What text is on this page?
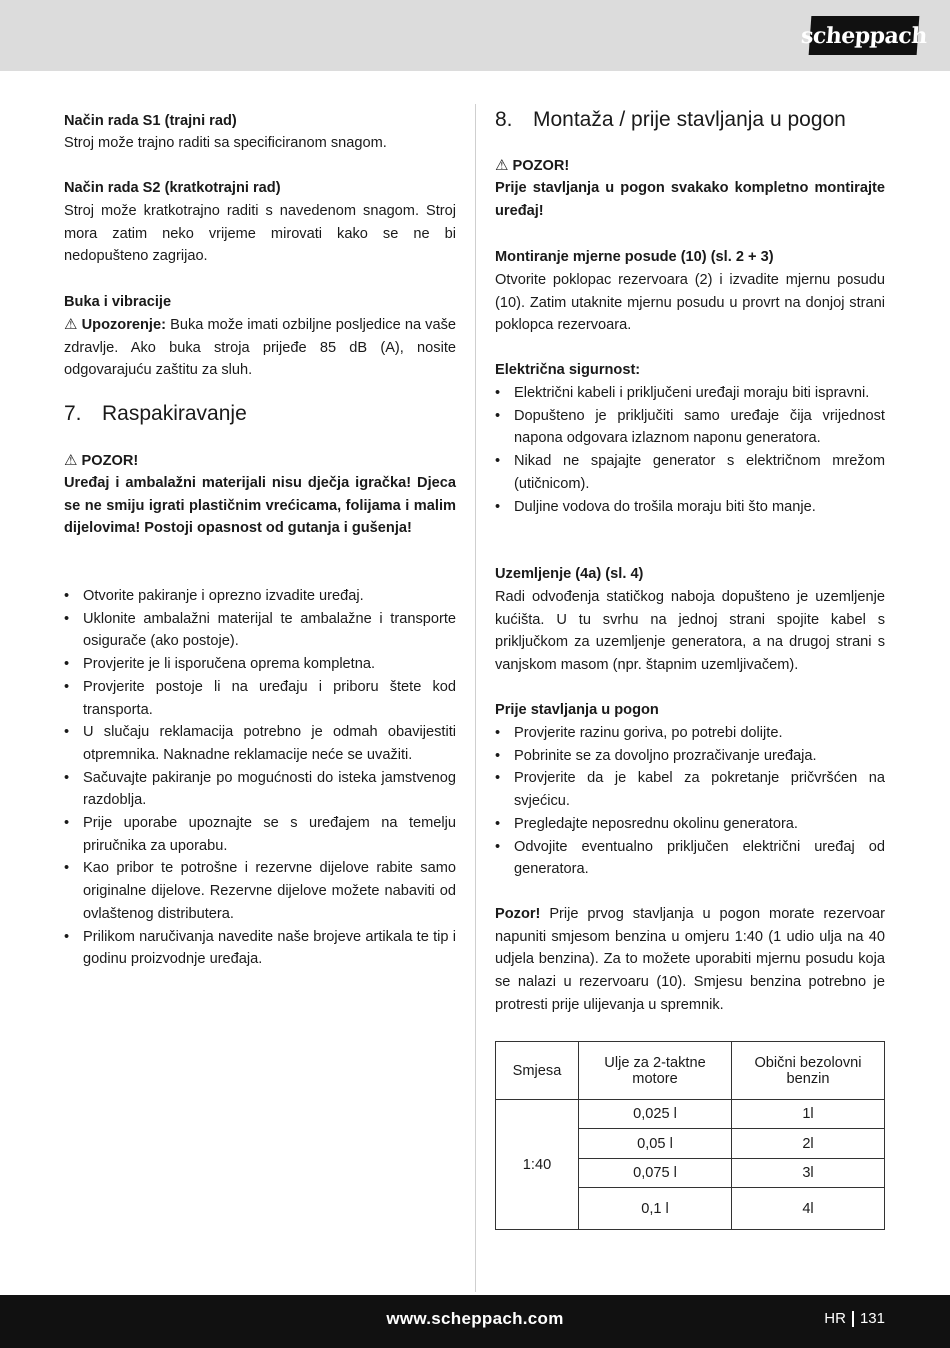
scheppach
Način rada S1 (trajni rad)
Stroj može trajno raditi sa specificiranom snagom.
Način rada S2 (kratkotrajni rad)
Stroj može kratkotrajno raditi s navedenom snagom. Stroj mora zatim neko vrijeme mirovati kako se ne bi nedopušteno zagrijao.
Buka i vibracije
⚠ Upozorenje: Buka može imati ozbiljne posljedice na vaše zdravlje. Ako buka stroja prijeđe 85 dB (A), nosite odgovarajuću zaštitu za sluh.
7. Raspakiravanje
⚠ POZOR!
Uređaj i ambalažni materijali nisu dječja igračka! Djeca se ne smiju igrati plastičnim vrećicama, folijama i malim dijelovima! Postoji opasnost od gutanja i gušenja!
• Otvorite pakiranje i oprezno izvadite uređaj.
• Uklonite ambalažni materijal te ambalažne i transporte osigurače (ako postoje).
• Provjerite je li isporučena oprema kompletna.
• Provjerite postoje li na uređaju i priboru štete kod transporta.
• U slučaju reklamacija potrebno je odmah obavijestiti otpremnika. Naknadne reklamacije neće se uvažiti.
• Sačuvajte pakiranje po mogućnosti do isteka jamstvenog razdoblja.
• Prije uporabe upoznajte se s uređajem na temelju priručnika za uporabu.
• Kao pribor te potrošne i rezervne dijelove rabite samo originalne dijelove. Rezervne dijelove možete nabaviti od ovlaštenog distributera.
• Prilikom naručivanja navedite naše brojeve artikala te tip i godinu proizvodnje uređaja.
8. Montaža / prije stavljanja u pogon
⚠ POZOR!
Prije stavljanja u pogon svakako kompletno montirajte uređaj!
Montiranje mjerne posude (10) (sl. 2 + 3)
Otvorite poklopac rezervoara (2) i izvadite mjernu posudu (10). Zatim utaknite mjernu posudu u provrt na donjoj strani poklopca rezervoara.
Električna sigurnost:
• Električni kabeli i priključeni uređaji moraju biti ispravni.
• Dopušteno je priključiti samo uređaje čija vrijednost napona odgovara izlaznom naponu generatora.
• Nikad ne spajajte generator s električnom mrežom (utičnicom).
• Duljine vodova do trošila moraju biti što manje.
Uzemljenje (4a) (sl. 4)
Radi odvođenja statičkog naboja dopušteno je uzemljenje kućišta. U tu svrhu na jednoj strani spojite kabel s priključkom za uzemljenje generatora, a na drugoj strani s vanjskom masom (npr. štapnim uzemljivačem).
Prije stavljanja u pogon
• Provjerite razinu goriva, po potrebi dolijte.
• Pobrinite se za dovoljno prozračivanje uređaja.
• Provjerite da je kabel za pokretanje pričvršćen na svjećicu.
• Pregledajte neposrednu okolinu generatora.
• Odvojite eventualno priključen električni uređaj od generatora.
Pozor! Prije prvog stavljanja u pogon morate rezervoar napuniti smjesom benzina u omjeru 1:40 (1 udio ulja na 40 udjela benzina). Za to možete uporabiti mjernu posudu koja se nalazi u rezervoaru (10). Smjesu benzina potrebno je protresti prije ulijevanja u spremnik.
Smjesa	Ulje za 2-taktne motore	Obični bezolovni benzin
1:40	0,025 l	1l
	0,05 l	2l
	0,075 l	3l
	0,1 l	4l
www.scheppach.com	HR 131
